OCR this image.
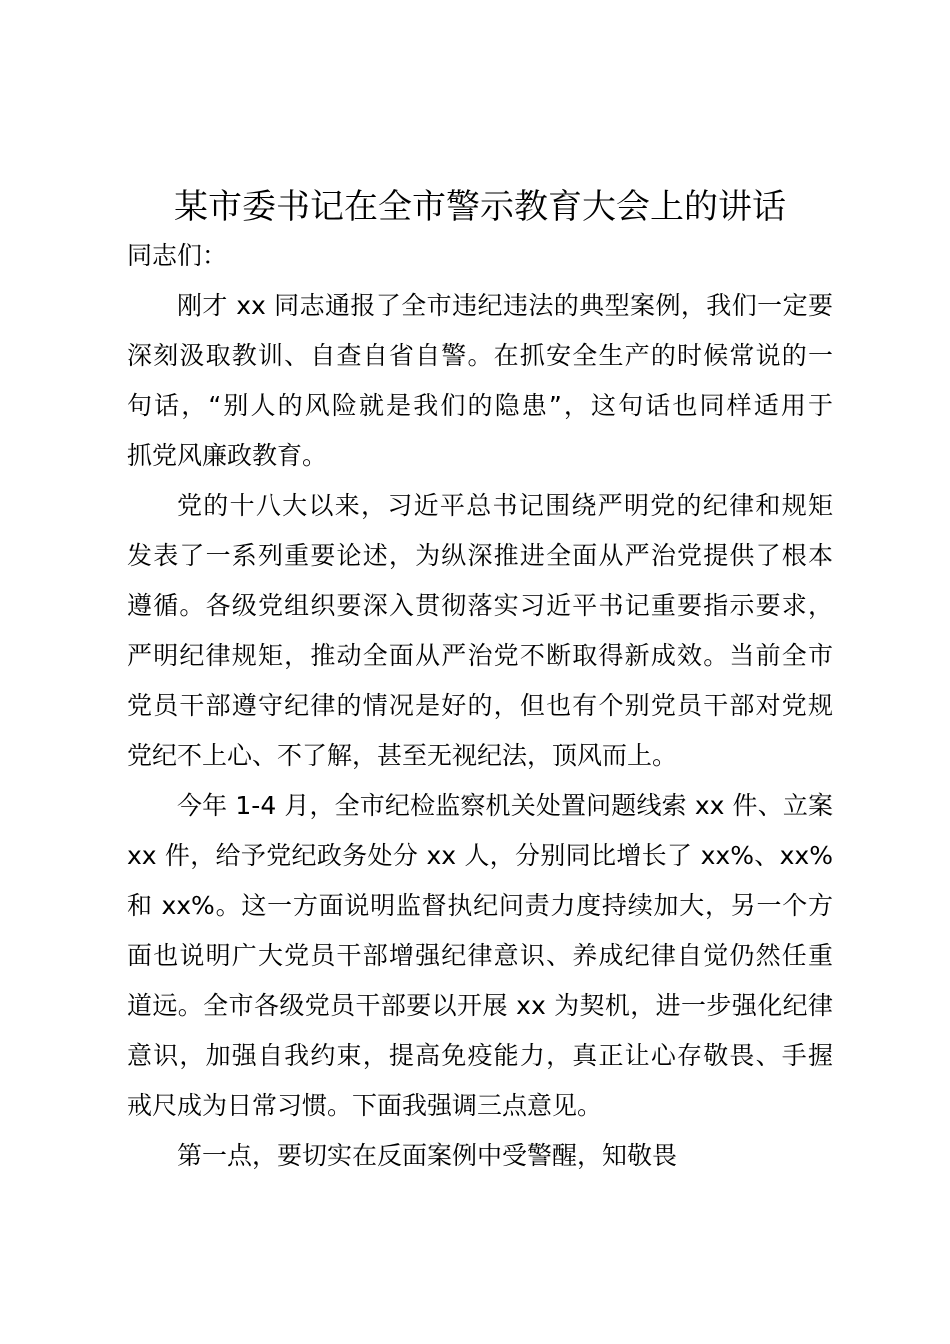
某市委书记在全市警示教育大会上的讲话

同志们：

刚才 xx 同志通报了全市违纪违法的典型案例，我们一定要

深刻汲取教训、自查自省自警。在抓安全生产的时候常说的一

句话，“别人的风险就是我们的隐患”，这句话也同样适用于

抓党风廉政教育。

党的十八大以来，习近平总书记围绕严明党的纪律和规矩

发表了一系列重要论述，为纵深推进全面从严治党提供了根本

遵循。各级党组织要深入贯彻落实习近平书记重要指示要求，

严明纪律规矩，推动全面从严治党不断取得新成效。当前全市

党员干部遵守纪律的情况是好的，但也有个别党员干部对党规

党纪不上心、不了解，甚至无视纪法，顶风而上。

今年 1-4 月，全市纪检监察机关处置问题线索 xx 件、立案

xx 件，给予党纪政务处分 xx 人，分别同比增长了 xx%、xx%

和 xx%。这一方面说明监督执纪问责力度持续加大，另一个方

面也说明广大党员干部增强纪律意识、养成纪律自觉仍然任重

道远。全市各级党员干部要以开展 xx 为契机，进一步强化纪律

意识，加强自我约束，提高免疫能力，真正让心存敬畏、手握

戒尺成为日常习惯。下面我强调三点意见。

第一点，要切实在反面案例中受警醒，知敬畏
